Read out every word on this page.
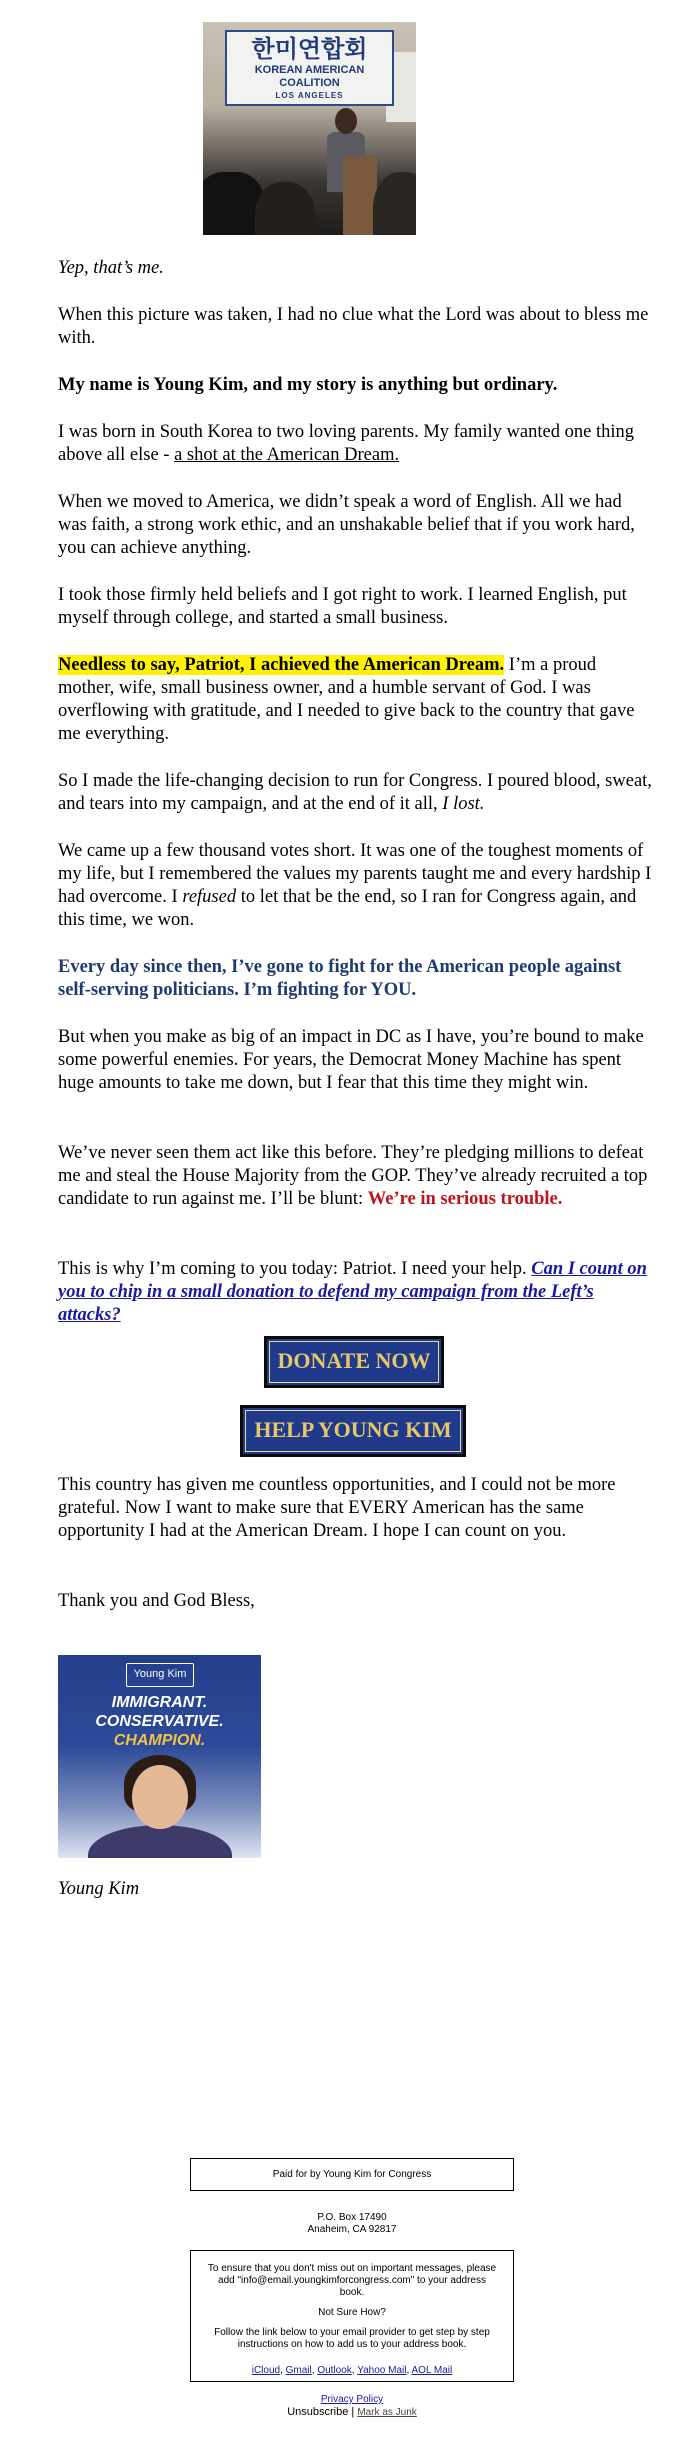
한미연합회
KOREAN AMERICAN COALITION
LOS ANGELES

Yep, that’s me.

When this picture was taken, I had no clue what the Lord was about to bless me with.

My name is Young Kim, and my story is anything but ordinary.

I was born in South Korea to two loving parents. My family wanted one thing above all else - a shot at the American Dream.

When we moved to America, we didn’t speak a word of English. All we had was faith, a strong work ethic, and an unshakable belief that if you work hard, you can achieve anything.

I took those firmly held beliefs and I got right to work. I learned English, put myself through college, and started a small business.

Needless to say, Patriot, I achieved the American Dream. I’m a proud mother, wife, small business owner, and a humble servant of God. I was overflowing with gratitude, and I needed to give back to the country that gave me everything.

So I made the life-changing decision to run for Congress. I poured blood, sweat, and tears into my campaign, and at the end of it all, I lost.

We came up a few thousand votes short. It was one of the toughest moments of my life, but I remembered the values my parents taught me and every hardship I had overcome. I refused to let that be the end, so I ran for Congress again, and this time, we won.

Every day since then, I’ve gone to fight for the American people against self-serving politicians. I’m fighting for YOU.

But when you make as big of an impact in DC as I have, you’re bound to make some powerful enemies. For years, the Democrat Money Machine has spent huge amounts to take me down, but I fear that this time they might win.

We’ve never seen them act like this before. They’re pledging millions to defeat me and steal the House Majority from the GOP. They’ve already recruited a top candidate to run against me. I’ll be blunt: We’re in serious trouble.

This is why I’m coming to you today: Patriot. I need your help. Can I count on you to chip in a small donation to defend my campaign from the Left’s attacks?

DONATE NOW
HELP YOUNG KIM

This country has given me countless opportunities, and I could not be more grateful. Now I want to make sure that EVERY American has the same opportunity I had at the American Dream. I hope I can count on you.

Thank you and God Bless,

Young Kim
IMMIGRANT.
CONSERVATIVE.
CHAMPION.

Young Kim

Paid for by Young Kim for Congress
P.O. Box 17490
Anaheim, CA 92817
To ensure that you don't miss out on important messages, please add "info@email.youngkimforcongress.com" to your address book.
Not Sure How?
Follow the link below to your email provider to get step by step instructions on how to add us to your address book.
iCloud, Gmail, Outlook, Yahoo Mail, AOL Mail
Privacy Policy
Unsubscribe | Mark as Junk
